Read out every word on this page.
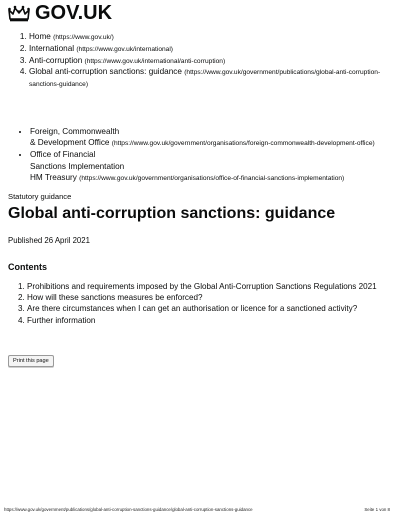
GOV.UK
1. Home (https://www.gov.uk/)
2. International (https://www.gov.uk/international)
3. Anti-corruption (https://www.gov.uk/international/anti-corruption)
4. Global anti-corruption sanctions: guidance (https://www.gov.uk/government/publications/global-anti-corruption-sanctions-guidance)
• Foreign, Commonwealth
& Development Office (https://www.gov.uk/government/organisations/foreign-commonwealth-development-office)
• Office of Financial
Sanctions Implementation
HM Treasury (https://www.gov.uk/government/organisations/office-of-financial-sanctions-implementation)
Statutory guidance
Global anti-corruption sanctions: guidance
Published 26 April 2021
Contents
1. Prohibitions and requirements imposed by the Global Anti-Corruption Sanctions Regulations 2021
2. How will these sanctions measures be enforced?
3. Are there circumstances when I can get an authorisation or licence for a sanctioned activity?
4. Further information
Print this page
https://www.gov.uk/government/publications/global-anti-corruption-sanctions-guidance/global-anti-corruption-sanctions-guidance	Seite 1 von 8
